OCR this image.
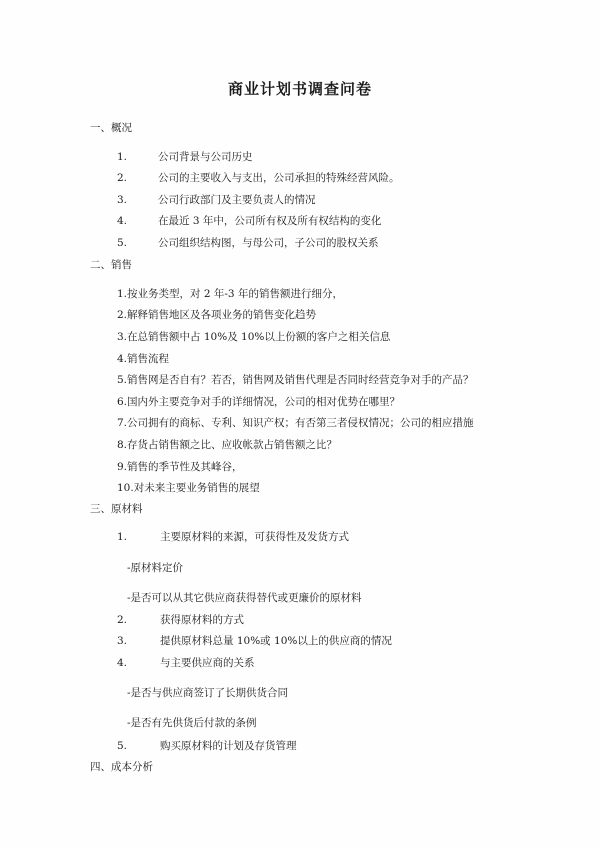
商业计划书调查问卷
一、概况
1.	公司背景与公司历史
2.	公司的主要收入与支出，公司承担的特殊经营风险。
3.	公司行政部门及主要负责人的情况
4.	在最近 3 年中，公司所有权及所有权结构的变化
5.	公司组织结构图，与母公司，子公司的股权关系
二、销售
1.按业务类型，对 2 年-3 年的销售额进行细分，
2.解释销售地区及各项业务的销售变化趋势
3.在总销售额中占 10%及 10%以上份额的客户之相关信息
4.销售流程
5.销售网是否自有？若否，销售网及销售代理是否同时经营竞争对手的产品？
6.国内外主要竞争对手的详细情况，公司的相对优势在哪里？
7.公司拥有的商标、专利、知识产权；有否第三者侵权情况；公司的相应措施
8.存货占销售额之比、应收帐款占销售额之比？
9.销售的季节性及其峰谷，
10.对未来主要业务销售的展望
三、原材料
1.	主要原材料的来源，可获得性及发货方式
-原材料定价
-是否可以从其它供应商获得替代或更廉价的原材料
2.	获得原材料的方式
3.	提供原材料总量 10%或 10%以上的供应商的情况
4.	与主要供应商的关系
-是否与供应商签订了长期供货合同
-是否有先供货后付款的条例
5.	购买原材料的计划及存货管理
四、成本分析
